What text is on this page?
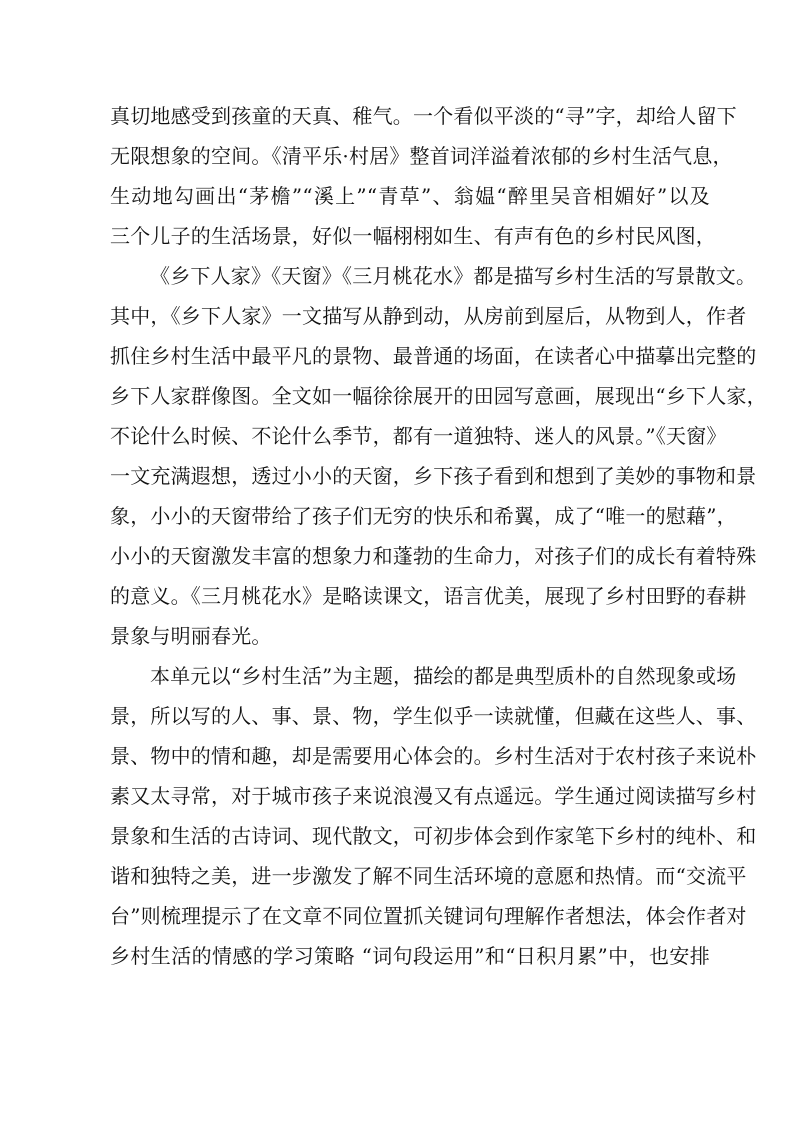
真切地感受到孩童的天真、稚气。一个看似平淡的“寻”字，却给人留下
无限想象的空间。《清平乐·村居》整首词洋溢着浓郁的乡村生活气息，
生动地勾画出“茅檐”“溪上”“青草”、翁媪“醉里吴音相媚好”以及
三个儿子的生活场景，好似一幅栩栩如生、有声有色的乡村民风图，
《乡下人家》《天窗》《三月桃花水》都是描写乡村生活的写景散文。
其中，《乡下人家》一文描写从静到动，从房前到屋后，从物到人，作者
抓住乡村生活中最平凡的景物、最普通的场面，在读者心中描摹出完整的
乡下人家群像图。全文如一幅徐徐展开的田园写意画，展现出“乡下人家，
不论什么时候、不论什么季节，都有一道独特、迷人的风景。”《天窗》
一文充满遐想，透过小小的天窗，乡下孩子看到和想到了美妙的事物和景
象，小小的天窗带给了孩子们无穷的快乐和希翼，成了“唯一的慰藉”，
小小的天窗激发丰富的想象力和蓬勃的生命力，对孩子们的成长有着特殊
的意义。《三月桃花水》是略读课文，语言优美，展现了乡村田野的春耕
景象与明丽春光。
本单元以“乡村生活”为主题，描绘的都是典型质朴的自然现象或场
景，所以写的人、事、景、物，学生似乎一读就懂，但藏在这些人、事、
景、物中的情和趣，却是需要用心体会的。乡村生活对于农村孩子来说朴
素又太寻常，对于城市孩子来说浪漫又有点遥远。学生通过阅读描写乡村
景象和生活的古诗词、现代散文，可初步体会到作家笔下乡村的纯朴、和
谐和独特之美，进一步激发了解不同生活环境的意愿和热情。而“交流平
台”则梳理提示了在文章不同位置抓关键词句理解作者想法，体会作者对
乡村生活的情感的学习策略 “词句段运用”和“日积月累”中，也安排
